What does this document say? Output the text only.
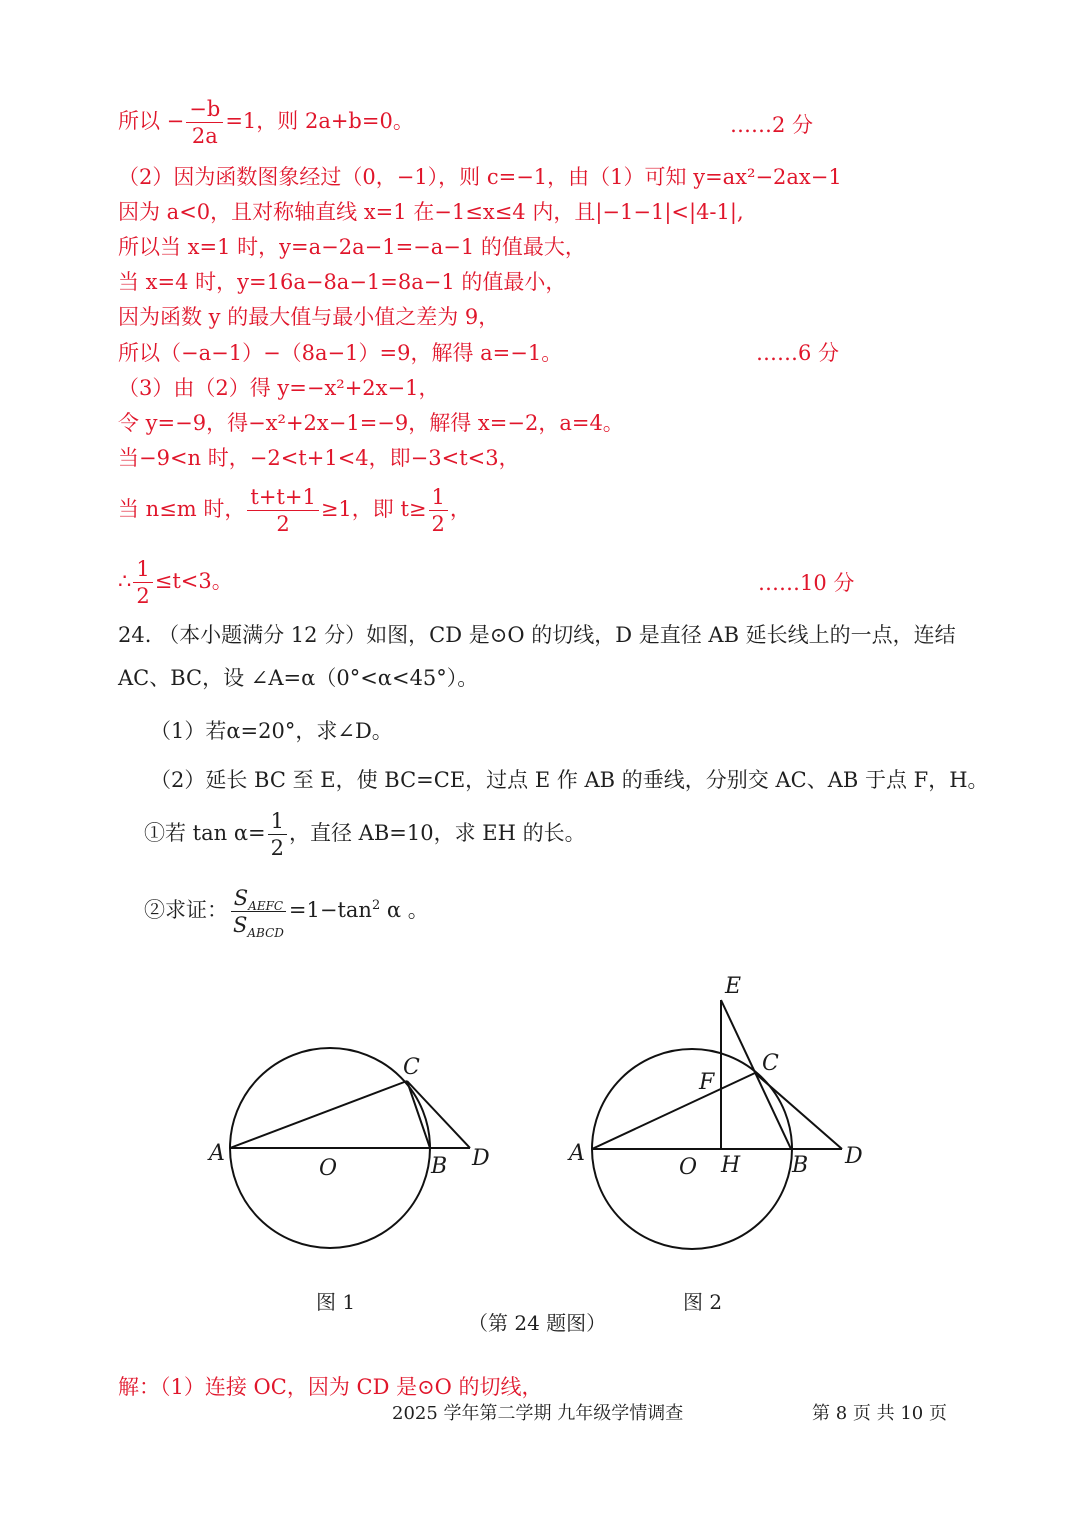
所以 − $\frac{-b}{2a} =1$，则 2a+b=0。	……2 分
（2）因为函数图象经过（0，−1），则 c=−1，由（1）可知 y=ax²−2ax−1
因为 a<0，且对称轴直线 x=1 在−1≤x≤4 内，且|−1−1|<|4-1|,
所以当 x=1 时，y=a−2a−1=−a−1 的值最大，
当 x=4 时，y=16a−8a−1=8a−1 的值最小，
因为函数 y 的最大值与最小值之差为 9，
所以（−a−1）−（8a−1）=9，解得 a=−1。	……6 分
（3）由（2）得 y=−x²+2x−1，
令 y=−9，得−x²+2x−1=−9，解得 x=−2，a=4。
当−9<n 时，−2<t+1<4，即−3<t<3，
当 n≤m 时， $\frac{t+t+1}{2} \ge 1$，即 $t\ge \frac{1}{2}$ ，
∴ $\frac{1}{2} \le t<3$。	……10 分
24. （本小题满分 12 分）如图，CD 是⊙O 的切线，D 是直径 AB 延长线上的一点，连结
AC、BC，设 ∠A=α（0°<α<45°）。
（1）若α=20°，求∠D。
（2）延长 BC 至 E，使 BC=CE，过点 E 作 AB 的垂线，分别交 AC、AB 于点 F，H。
①若 $\tan \alpha= \frac{1}{2}$ ，直径 AB=10，求 EH 的长。
②求证： $\frac{S_{AEFC}}{S_{ABCD}} =1-\tan^2$ α 。
A
O	B
C
D	A
O H B
C
D
E
F
图 1	图 2
（第 24 题图）
解：（1）连接 OC，因为 CD 是⊙O 的切线，
2025 学年第二学期 九年级学情调查	第 8 页 共 10 页
